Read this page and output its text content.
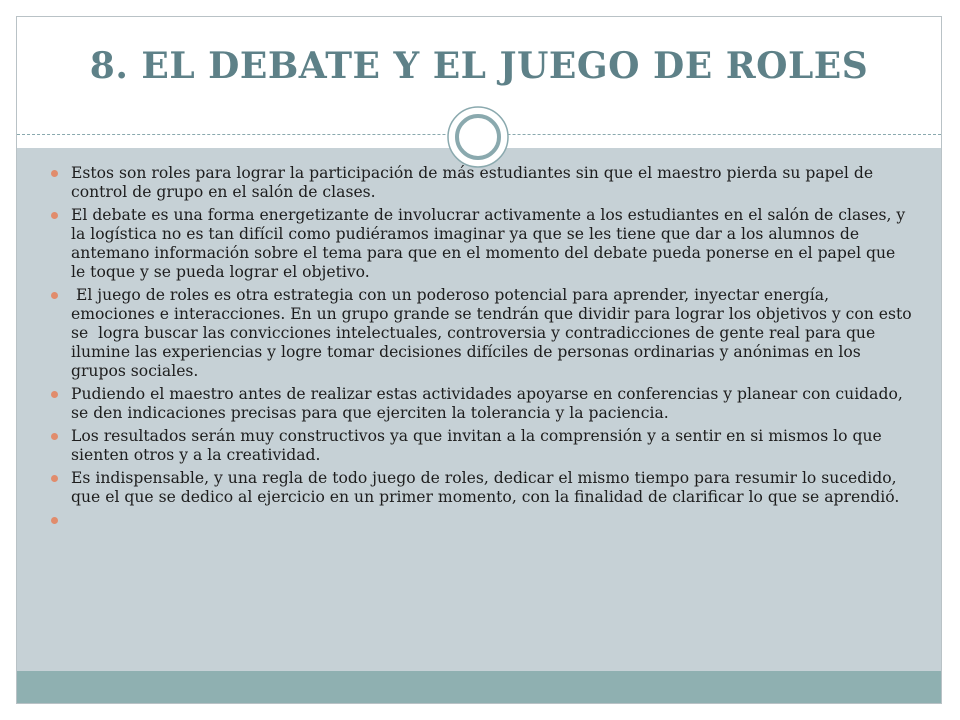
8. EL DEBATE Y EL JUEGO DE ROLES
Estos son roles para lograr la participación de más estudiantes sin que el maestro pierda su papel de control de grupo en el salón de clases.
El debate es una forma energetizante de involucrar activamente a los estudiantes en el salón de clases, y la logística no es tan difícil como pudiéramos imaginar ya que se les tiene que dar a los alumnos de antemano información sobre el tema para que en el momento del debate pueda ponerse en el papel que le toque y se pueda lograr el objetivo.
El juego de roles es otra estrategia con un poderoso potencial para aprender, inyectar energía, emociones e interacciones. En un grupo grande se tendrán que dividir para lograr los objetivos y con esto se  logra buscar las convicciones intelectuales, controversia y contradicciones de gente real para que ilumine las experiencias y logre tomar decisiones difíciles de personas ordinarias y anónimas en los grupos sociales.
Pudiendo el maestro antes de realizar estas actividades apoyarse en conferencias y planear con cuidado, se den indicaciones precisas para que ejerciten la tolerancia y la paciencia.
Los resultados serán muy constructivos ya que invitan a la comprensión y a sentir en si mismos lo que sienten otros y a la creatividad.
Es indispensable, y una regla de todo juego de roles, dedicar el mismo tiempo para resumir lo sucedido, que el que se dedico al ejercicio en un primer momento, con la finalidad de clarificar lo que se aprendió.
